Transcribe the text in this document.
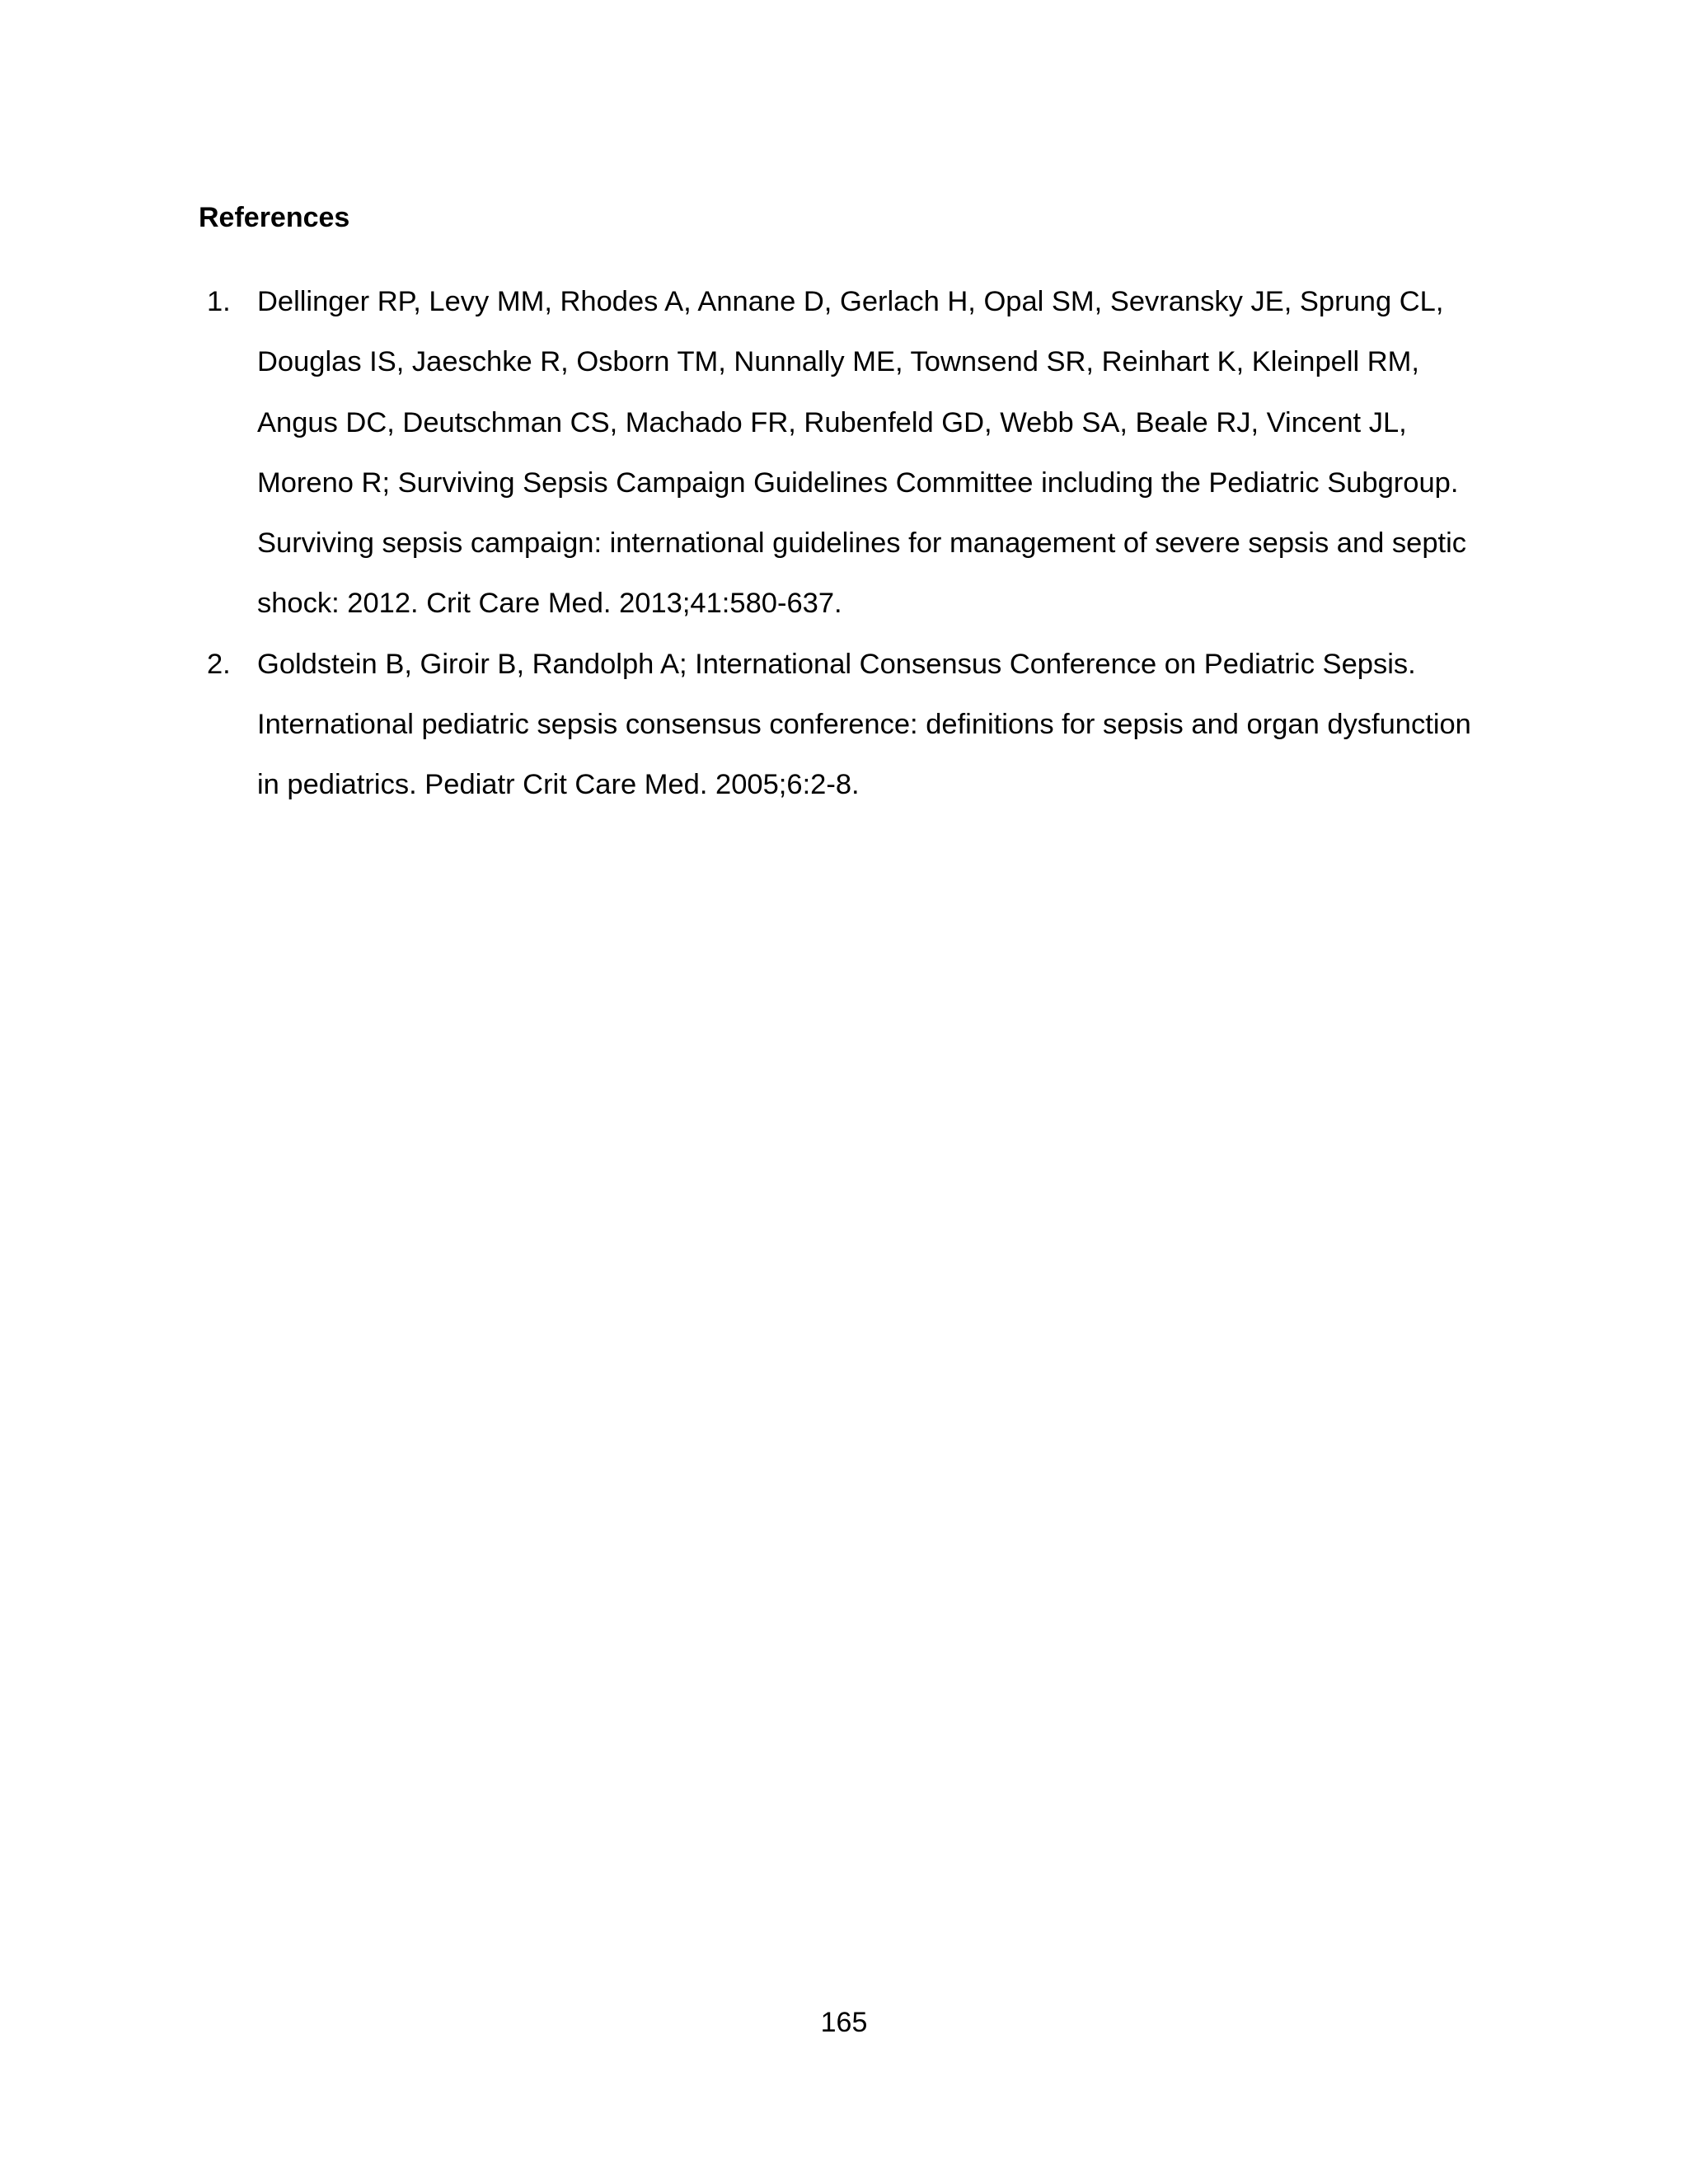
References
1. Dellinger RP, Levy MM, Rhodes A, Annane D, Gerlach H, Opal SM, Sevransky JE, Sprung CL, Douglas IS, Jaeschke R, Osborn TM, Nunnally ME, Townsend SR, Reinhart K, Kleinpell RM, Angus DC, Deutschman CS, Machado FR, Rubenfeld GD, Webb SA, Beale RJ, Vincent JL, Moreno R; Surviving Sepsis Campaign Guidelines Committee including the Pediatric Subgroup. Surviving sepsis campaign: international guidelines for management of severe sepsis and septic shock: 2012. Crit Care Med. 2013;41:580-637.
2. Goldstein B, Giroir B, Randolph A; International Consensus Conference on Pediatric Sepsis. International pediatric sepsis consensus conference: definitions for sepsis and organ dysfunction in pediatrics. Pediatr Crit Care Med. 2005;6:2-8.
165
